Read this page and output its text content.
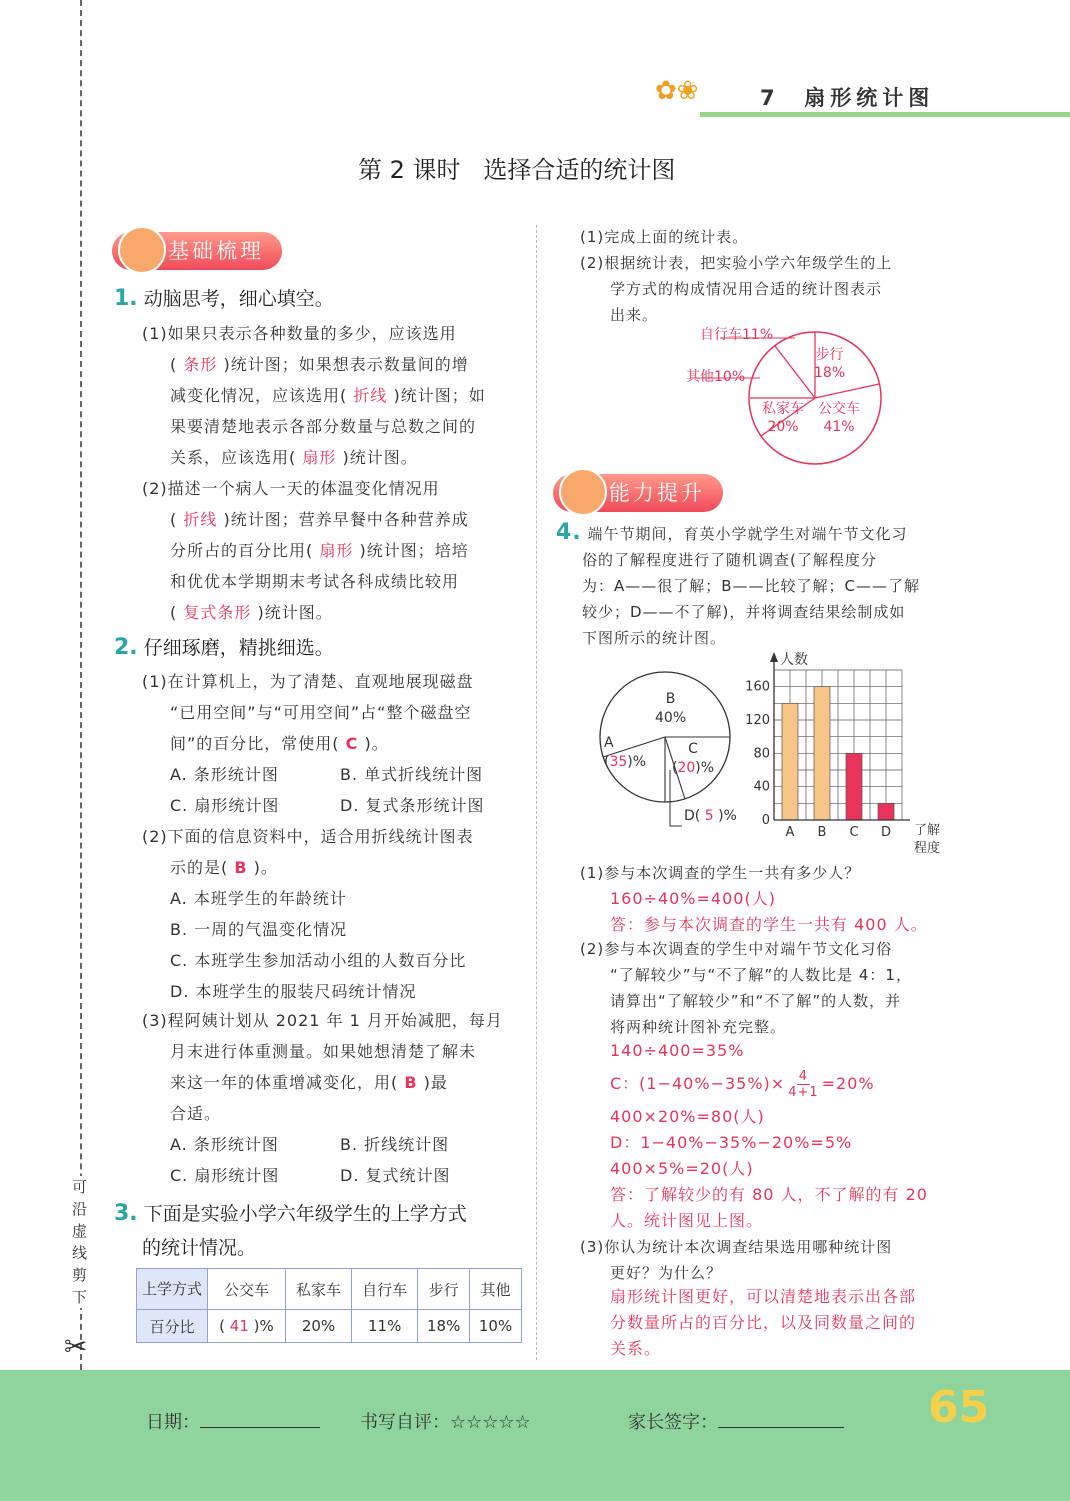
可沿虚线剪下
✂
✿❀	7  扇形统计图
第 2 课时   选择合适的统计图
基础梳理
1. 动脑思考，细心填空。
(1)如果只表示各种数量的多少，应该选用
( 条形 )统计图；如果想表示数量间的增
减变化情况，应该选用( 折线 )统计图；如
果要清楚地表示各部分数量与总数之间的
关系，应该选用( 扇形 )统计图。
(2)描述一个病人一天的体温变化情况用
( 折线 )统计图；营养早餐中各种营养成
分所占的百分比用( 扇形 )统计图；培培
和优优本学期期末考试各科成绩比较用
( 复式条形 )统计图。
2. 仔细琢磨，精挑细选。
(1)在计算机上，为了清楚、直观地展现磁盘
“已用空间”与“可用空间”占“整个磁盘空
间”的百分比，常使用( C )。
A. 条形统计图	B. 单式折线统计图
C. 扇形统计图	D. 复式条形统计图
(2)下面的信息资料中，适合用折线统计图表
示的是( B )。
A. 本班学生的年龄统计
B. 一周的气温变化情况
C. 本班学生参加活动小组的人数百分比
D. 本班学生的服装尺码统计情况
(3)程阿姨计划从 2021 年 1 月开始减肥，每月
月末进行体重测量。如果她想清楚了解未
来这一年的体重增减变化，用( B )最
合适。
A. 条形统计图	B. 折线统计图
C. 扇形统计图	D. 复式统计图
3. 下面是实验小学六年级学生的上学方式
的统计情况。
上学方式	公交车	私家车	自行车	步行	其他
百分比	( 41 )%	20%	11%	18%	10%
(1)完成上面的统计表。
(2)根据统计表，把实验小学六年级学生的上
学方式的构成情况用合适的统计图表示
出来。
自行车11%
步行
18%
其他10%
私家车
20%
公交车
41%
能力提升
4. 端午节期间，育英小学就学生对端午节文化习
俗的了解程度进行了随机调查(了解程度分
为：A——很了解；B——比较了解；C——了解
较少；D——不了解)，并将调查结果绘制成如
下图所示的统计图。
B
40%
A
(35)%
C
(20)%
D( 5 )% 0
40
80
120
160
A B C D
人数
了解
程度
(1)参与本次调查的学生一共有多少人？
160÷40%=400(人)
答：参与本次调查的学生一共有 400 人。
(2)参与本次调查的学生中对端午节文化习俗
“了解较少”与“不了解”的人数比是 4：1，
请算出“了解较少”和“不了解”的人数，并
将两种统计图补充完整。
140÷400=35%
C：$(1-40\%-35\%)\times \frac{4}{4+1} =20\%$
400×20%=80(人)
D：1−40%−35%−20%=5%
400×5%=20(人)
答：了解较少的有 80 人，不了解的有 20
人。统计图见上图。
(3)你认为统计本次调查结果选用哪种统计图
更好？为什么？
扇形统计图更好，可以清楚地表示出各部
分数量所占的百分比，以及同数量之间的
关系。
日期：	书写自评：☆☆☆☆☆	家长签字：	65
